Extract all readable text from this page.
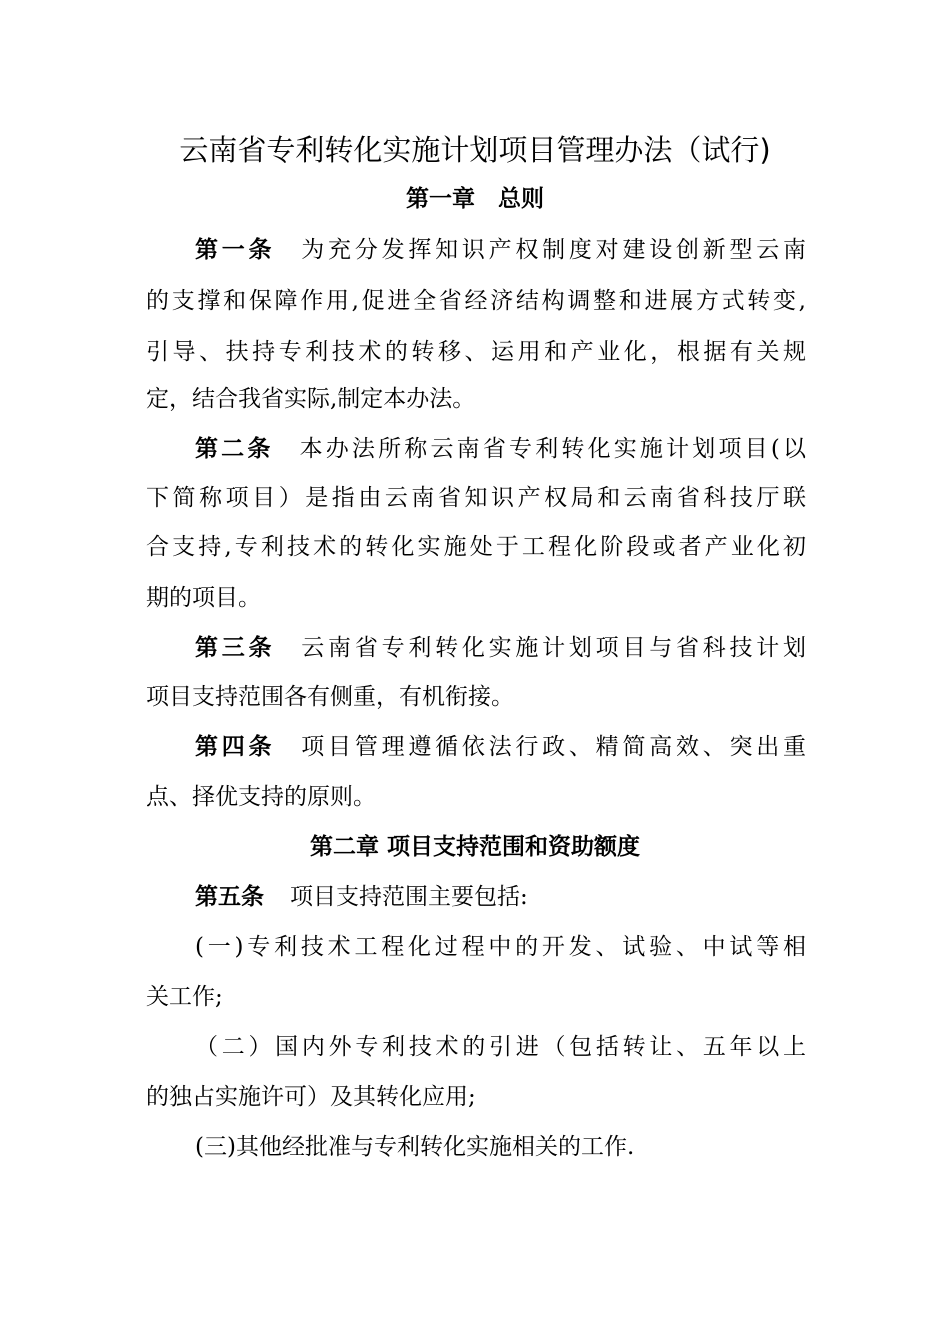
云南省专利转化实施计划项目管理办法（试行)
第一章　总则

第一条 为充分发挥知识产权制度对建设创新型云南

的支撑和保障作用,促进全省经济结构调整和进展方式转变,

引导、扶持专利技术的转移、运用和产业化，根据有关规

定，结合我省实际,制定本办法。

第二条 本办法所称云南省专利转化实施计划项目(以

下简称项目）是指由云南省知识产权局和云南省科技厅联

合支持,专利技术的转化实施处于工程化阶段或者产业化初

期的项目。

第三条 云南省专利转化实施计划项目与省科技计划

项目支持范围各有侧重，有机衔接。

第四条 项目管理遵循依法行政、精简高效、突出重

点、择优支持的原则。

第二章 项目支持范围和资助额度

第五条 项目支持范围主要包括:

(一)专利技术工程化过程中的开发、试验、中试等相

关工作;

（二）国内外专利技术的引进（包括转让、五年以上

的独占实施许可）及其转化应用;

(三)其他经批准与专利转化实施相关的工作.
